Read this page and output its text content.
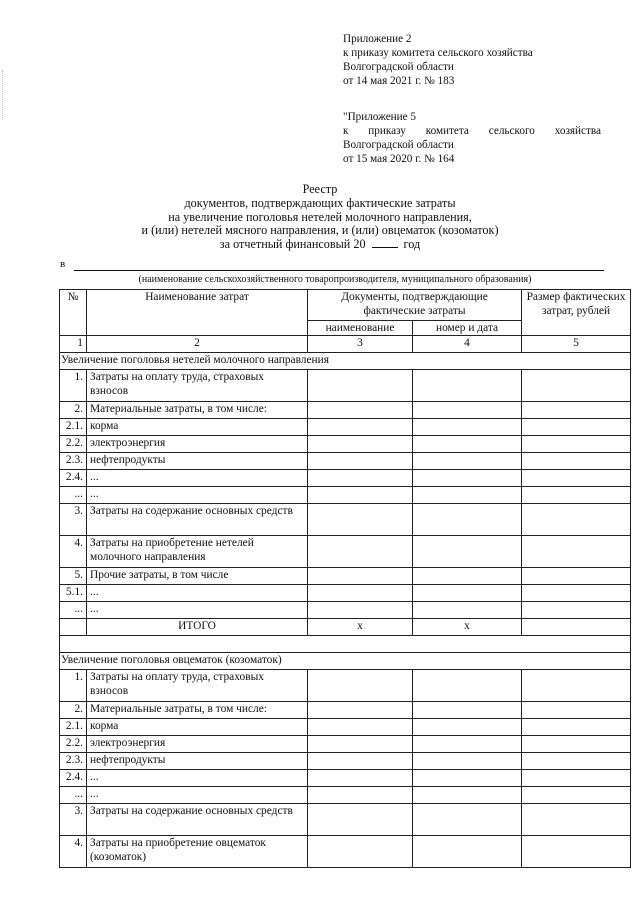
Приложение 2
к приказу комитета сельского хозяйства
Волгоградской области
от 14 мая 2021 г. № 183
"Приложение 5
к приказу комитета сельского хозяйства
Волгоградской области
от 15 мая 2020 г. № 164
Реестр
документов, подтверждающих фактические затраты
на увеличение поголовья нетелей молочного направления,
и (или) нетелей мясного направления, и (или) овцематок (козоматок)
за отчетный финансовый 20	год
в
(наименование сельскохозяйственного товаропроизводителя, муниципального образования)
№	Наименование затрат	Документы, подтверждающие фактические затраты		Размер фактических затрат, рублей
		наименование	номер и дата	
1	2	3	4	5
Увеличение поголовья нетелей молочного направления				
1.	Затраты на оплату труда, страховых взносов			
2.	Материальные затраты, в том числе:			
2.1.	корма			
2.2.	электроэнергия			
2.3.	нефтепродукты			
2.4.	...			
...	...			
3.	Затраты на содержание основных средств			
4.	Затраты на приобретение нетелей молочного направления			
5.	Прочие затраты, в том числе			
5.1.	...			
...	...			
	ИТОГО	х	х	

Увеличение поголовья овцематок (козоматок)				
1.	Затраты на оплату труда, страховых взносов			
2.	Материальные затраты, в том числе:			
2.1.	корма			
2.2.	электроэнергия			
2.3.	нефтепродукты			
2.4.	...			
...	...			
3.	Затраты на содержание основных средств			
4.	Затраты на приобретение овцематок (козоматок)			
